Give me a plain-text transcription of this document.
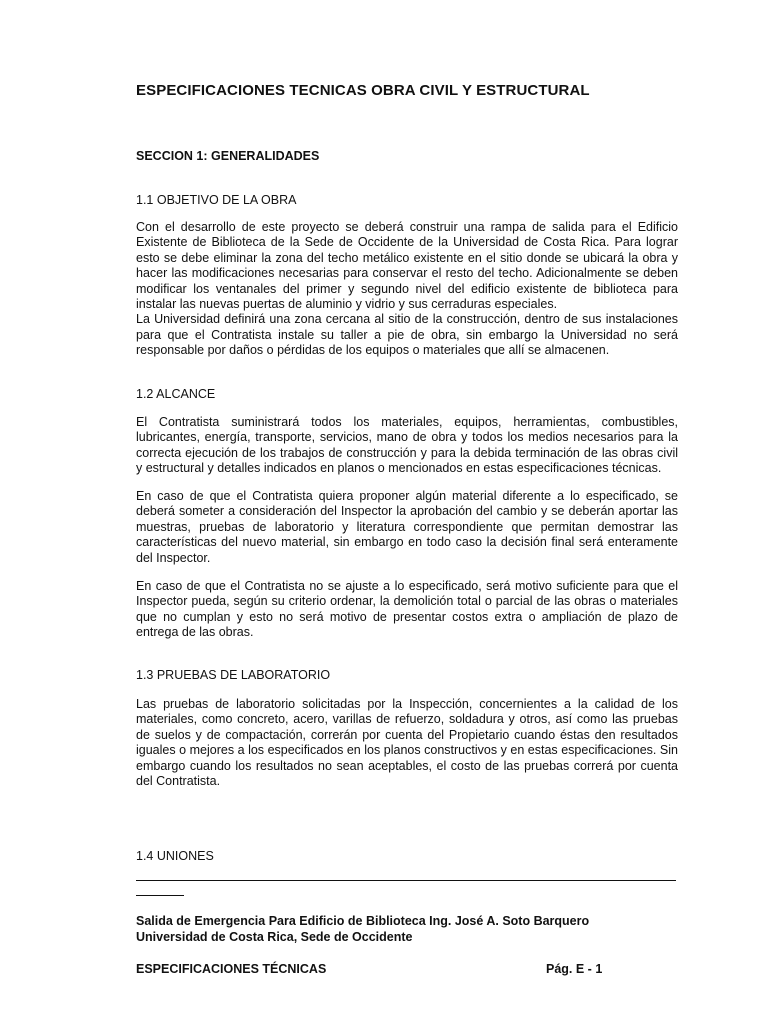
ESPECIFICACIONES TECNICAS OBRA CIVIL Y ESTRUCTURAL
SECCION 1: GENERALIDADES
1.1 OBJETIVO DE LA OBRA

Con el desarrollo de este proyecto se deberá construir una rampa de salida para el Edificio Existente de Biblioteca de la Sede de Occidente de la Universidad de Costa Rica. Para lograr esto se debe eliminar la zona del techo metálico existente en el sitio donde se ubicará la obra y hacer las modificaciones necesarias para conservar el resto del techo. Adicionalmente se deben modificar los ventanales del primer y segundo nivel del edificio existente de biblioteca para instalar las nuevas puertas de aluminio y vidrio y sus cerraduras especiales.

La Universidad definirá una zona cercana al sitio de la construcción, dentro de sus instalaciones para que el Contratista instale su taller a pie de obra, sin embargo la Universidad no será responsable por daños o pérdidas de los equipos o materiales que allí se almacenen.

1.2 ALCANCE

El Contratista suministrará todos los materiales, equipos, herramientas, combustibles, lubricantes, energía, transporte, servicios, mano de obra y todos los medios necesarios para la correcta ejecución de los trabajos de construcción y para la debida terminación de las obras civil y estructural y detalles indicados en planos o mencionados en estas especificaciones técnicas.

En caso de que el Contratista quiera proponer algún material diferente a lo especificado, se deberá someter a consideración del Inspector la aprobación del cambio y se deberán aportar las muestras, pruebas de laboratorio y literatura correspondiente que permitan demostrar las características del nuevo material, sin embargo en todo caso la decisión final será enteramente del Inspector.

En caso de que el Contratista no se ajuste a lo especificado, será motivo suficiente para que el Inspector pueda, según su criterio ordenar, la demolición total o parcial de las obras o materiales que no cumplan y esto no será motivo de presentar costos extra o ampliación de plazo de entrega de las obras.

1.3 PRUEBAS DE LABORATORIO

Las pruebas de laboratorio solicitadas por la Inspección, concernientes a la calidad de los materiales, como concreto, acero, varillas de refuerzo, soldadura y otros, así como las pruebas de suelos y de compactación, correrán por cuenta del Propietario cuando éstas den resultados iguales o mejores a los especificados en los planos constructivos y en estas especificaciones. Sin embargo cuando los resultados no sean aceptables, el costo de las pruebas correrá por cuenta del Contratista.

1.4 UNIONES
Salida de Emergencia Para Edificio de Biblioteca Ing. José A. Soto Barquero
Universidad de Costa Rica, Sede de Occidente
ESPECIFICACIONES TÉCNICAS	Pág. E - 1
